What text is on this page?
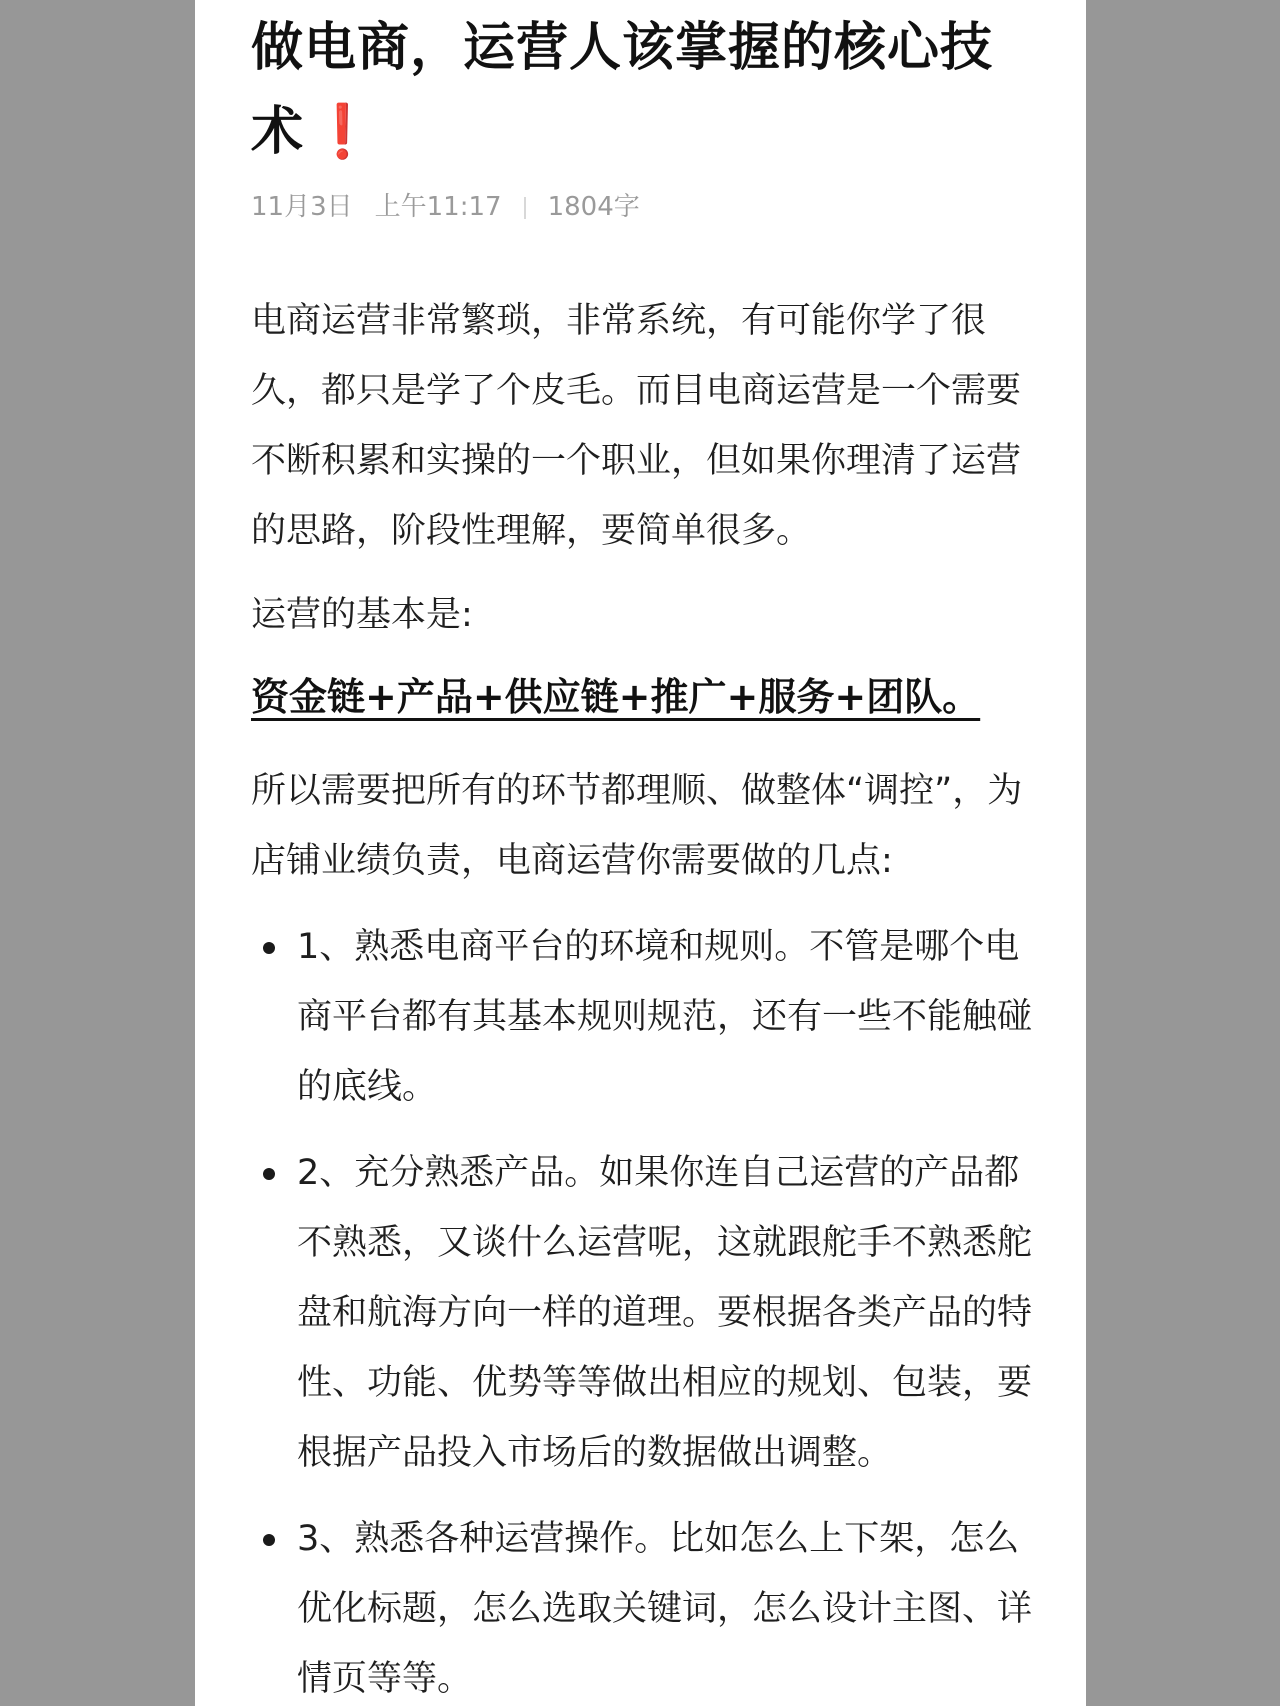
做电商，运营人该掌握的核心技术 ❗
11月3日 上午11:17 1804字

电商运营非常繁琐，非常系统，有可能你学了很久，都只是学了个皮毛。而目电商运营是一个需要不断积累和实操的一个职业，但如果你理清了运营的思路，阶段性理解，要简单很多。

运营的基本是:

资金链+产品+供应链+推广+服务+团队。

所以需要把所有的环节都理顺、做整体“调控”，为店铺业绩负责，电商运营你需要做的几点:

1、熟悉电商平台的环境和规则。不管是哪个电商平台都有其基本规则规范，还有一些不能触碰的底线。
2、充分熟悉产品。如果你连自己运营的产品都不熟悉，又谈什么运营呢，这就跟舵手不熟悉舵盘和航海方向一样的道理。要根据各类产品的特性、功能、优势等等做出相应的规划、包装，要根据产品投入市场后的数据做出调整。
3、熟悉各种运营操作。比如怎么上下架，怎么优化标题，怎么选取关键词，怎么设计主图、详情页等等。
